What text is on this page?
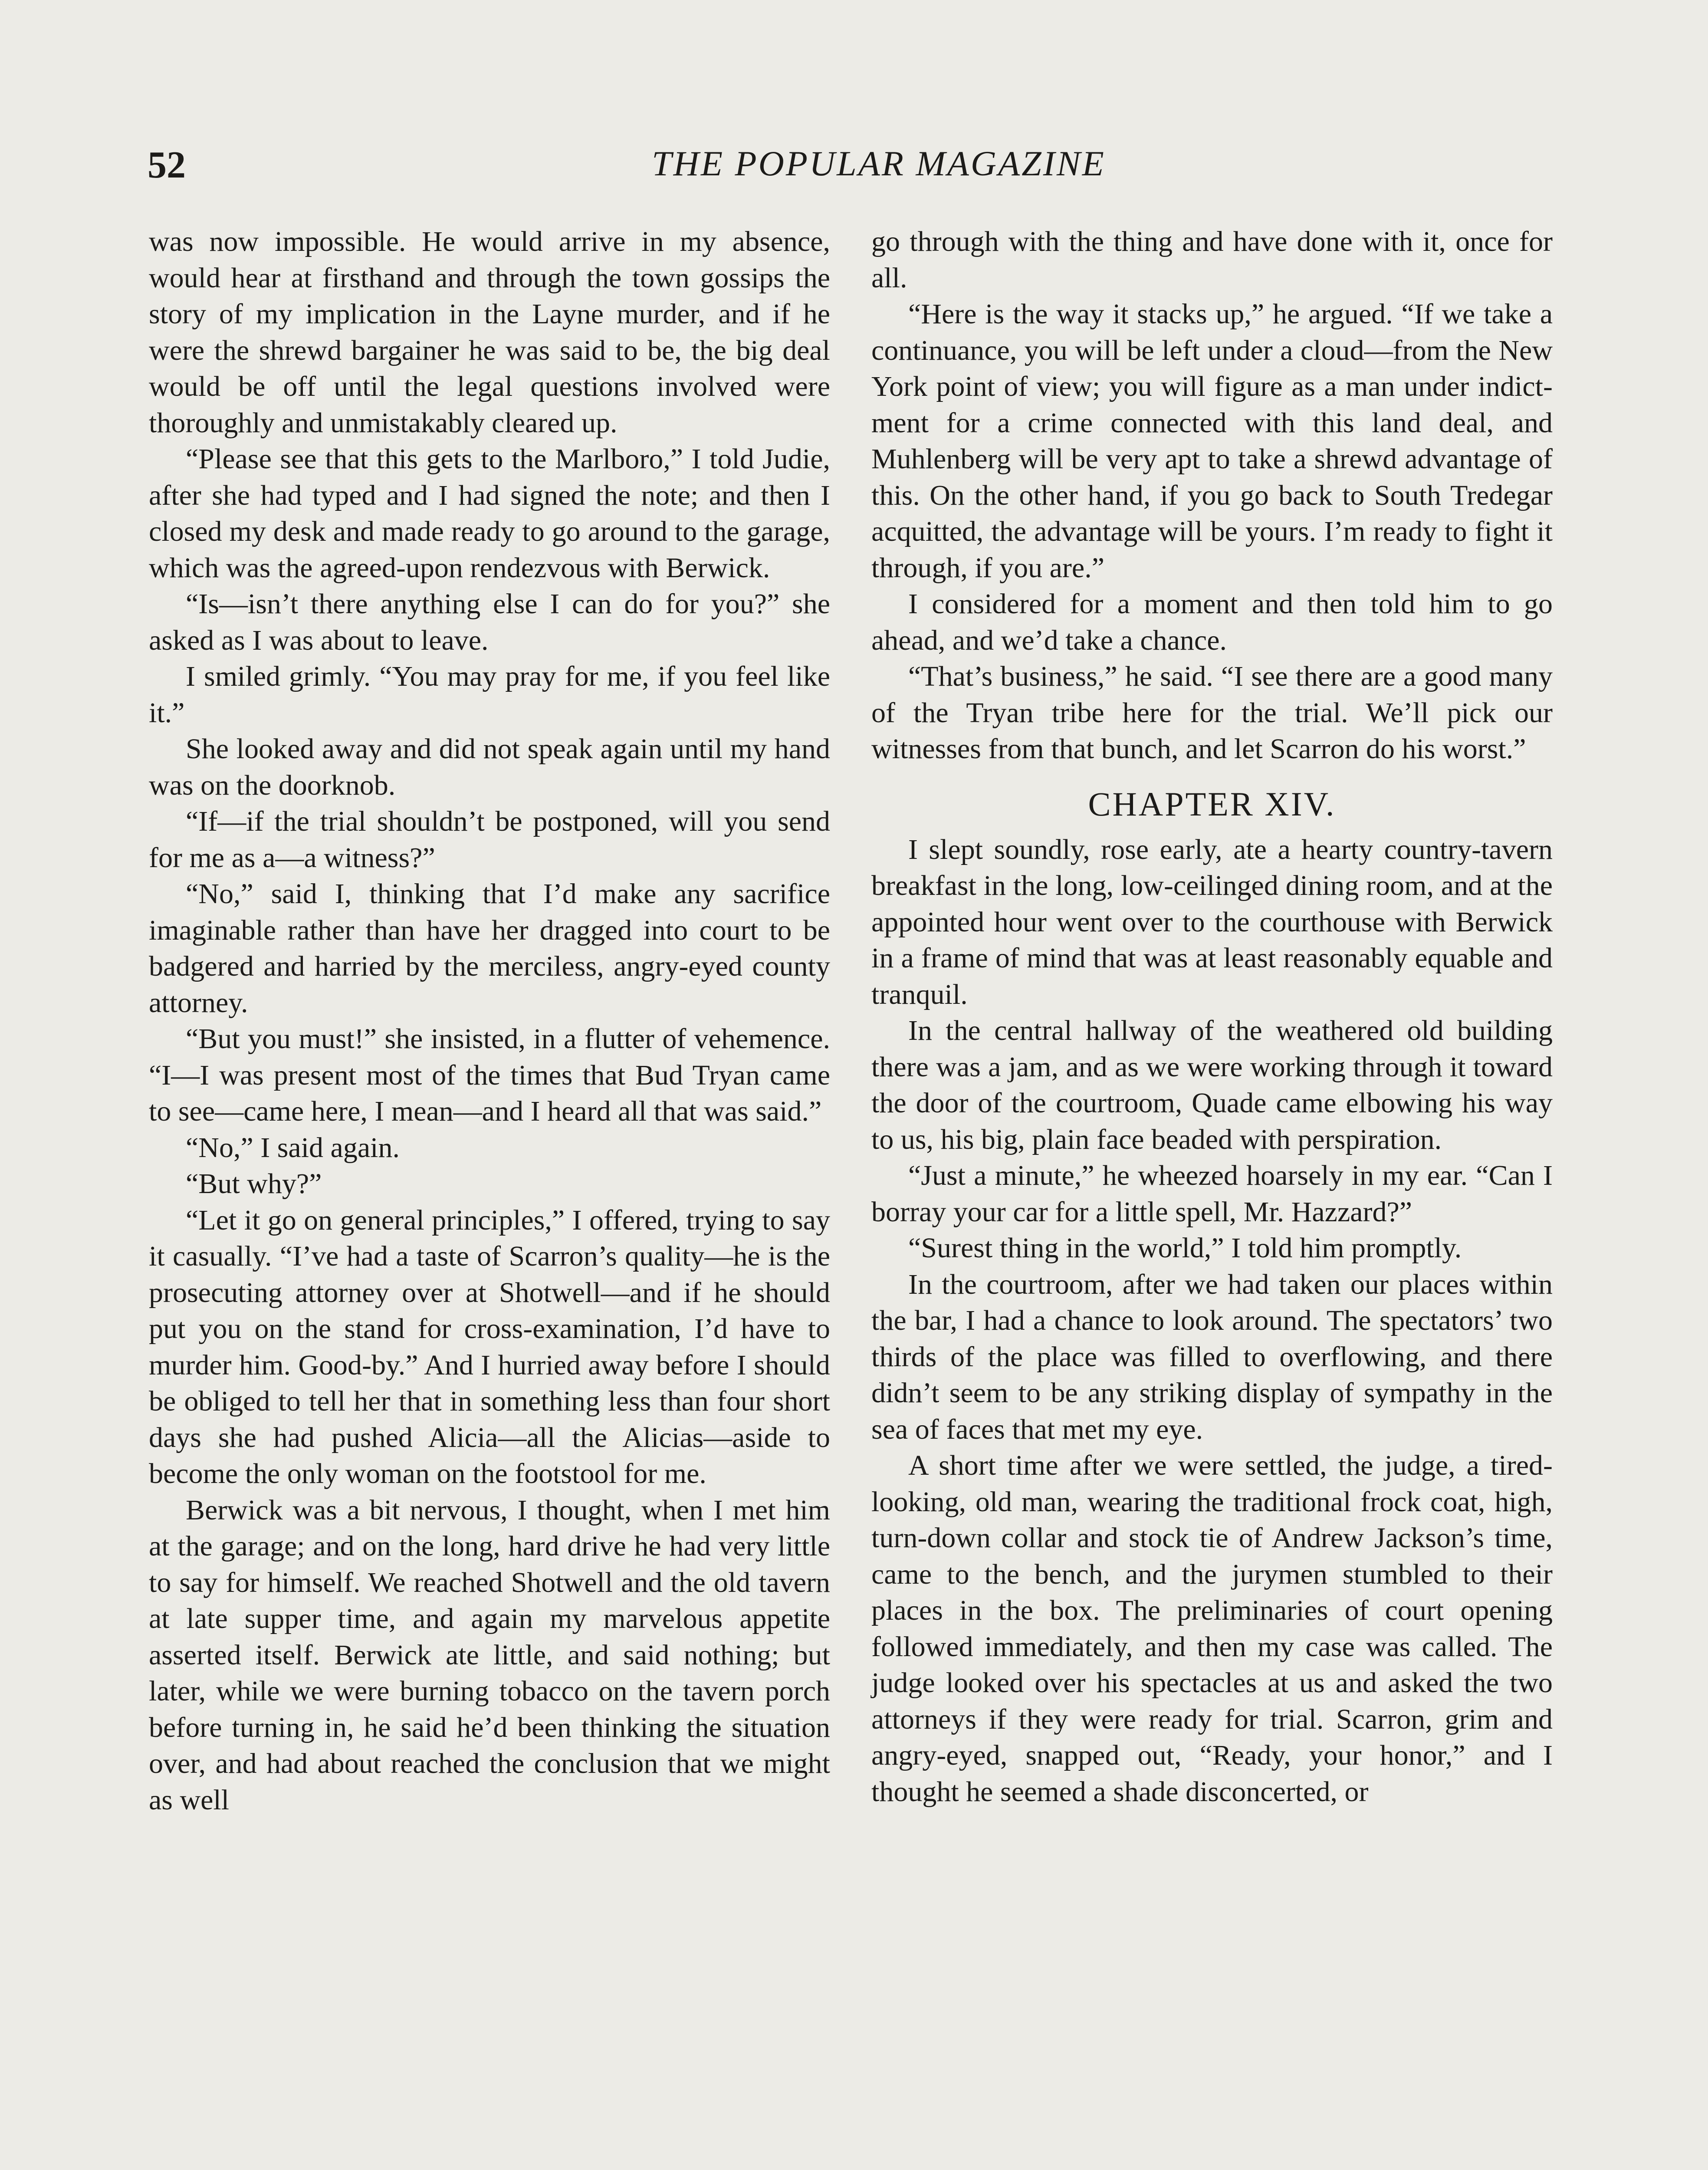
52	THE POPULAR MAGAZINE

was now impossible. He would arrive in my absence, would hear at firsthand and through the town gossips the story of my implication in the Layne murder, and if he were the shrewd bargainer he was said to be, the big deal would be off until the legal questions involved were thoroughly and unmistakably cleared up.

“Please see that this gets to the Marlboro,” I told Judie, after she had typed and I had signed the note; and then I closed my desk and made ready to go around to the garage, which was the agreed-upon rendezvous with Berwick.

“Is—isn’t there anything else I can do for you?” she asked as I was about to leave.

I smiled grimly. “You may pray for me, if you feel like it.”

She looked away and did not speak again until my hand was on the doorknob.

“If—if the trial shouldn’t be postponed, will you send for me as a—a witness?”

“No,” said I, thinking that I’d make any sacrifice imaginable rather than have her dragged into court to be badgered and harried by the merciless, angry-eyed county attorney.

“But you must!” she insisted, in a flutter of vehemence. “I—I was present most of the times that Bud Tryan came to see—came here, I mean—and I heard all that was said.”

“No,” I said again.

“But why?”

“Let it go on general principles,” I offered, trying to say it casually. “I’ve had a taste of Scarron’s quality—he is the prosecuting attorney over at Shotwell—and if he should put you on the stand for cross-examination, I’d have to murder him. Good-by.” And I hurried away before I should be obliged to tell her that in something less than four short days she had pushed Alicia—all the Alicias—aside to become the only woman on the footstool for me.

Berwick was a bit nervous, I thought, when I met him at the garage; and on the long, hard drive he had very little to say for himself. We reached Shotwell and the old tavern at late supper time, and again my marvelous appetite asserted itself. Berwick ate little, and said nothing; but later, while we were burning tobacco on the tavern porch before turning in, he said he’d been thinking the situation over, and had about reached the conclusion that we might as well

go through with the thing and have done with it, once for all.

“Here is the way it stacks up,” he argued. “If we take a continuance, you will be left under a cloud—from the New York point of view; you will figure as a man under indictment for a crime connected with this land deal, and Muhlenberg will be very apt to take a shrewd advantage of this. On the other hand, if you go back to South Tredegar acquitted, the advantage will be yours. I’m ready to fight it through, if you are.”

I considered for a moment and then told him to go ahead, and we’d take a chance.

“That’s business,” he said. “I see there are a good many of the Tryan tribe here for the trial. We’ll pick our witnesses from that bunch, and let Scarron do his worst.”

CHAPTER XIV.

I slept soundly, rose early, ate a hearty country-tavern breakfast in the long, low-ceilinged dining room, and at the appointed hour went over to the courthouse with Berwick in a frame of mind that was at least reasonably equable and tranquil.

In the central hallway of the weathered old building there was a jam, and as we were working through it toward the door of the courtroom, Quade came elbowing his way to us, his big, plain face beaded with perspiration.

“Just a minute,” he wheezed hoarsely in my ear. “Can I borray your car for a little spell, Mr. Hazzard?”

“Surest thing in the world,” I told him promptly.

In the courtroom, after we had taken our places within the bar, I had a chance to look around. The spectators’ two thirds of the place was filled to overflowing, and there didn’t seem to be any striking display of sympathy in the sea of faces that met my eye.

A short time after we were settled, the judge, a tired-looking, old man, wearing the traditional frock coat, high, turn-down collar and stock tie of Andrew Jackson’s time, came to the bench, and the jurymen stumbled to their places in the box. The preliminaries of court opening followed immediately, and then my case was called. The judge looked over his spectacles at us and asked the two attorneys if they were ready for trial. Scarron, grim and angry-eyed, snapped out, “Ready, your honor,” and I thought he seemed a shade disconcerted, or
